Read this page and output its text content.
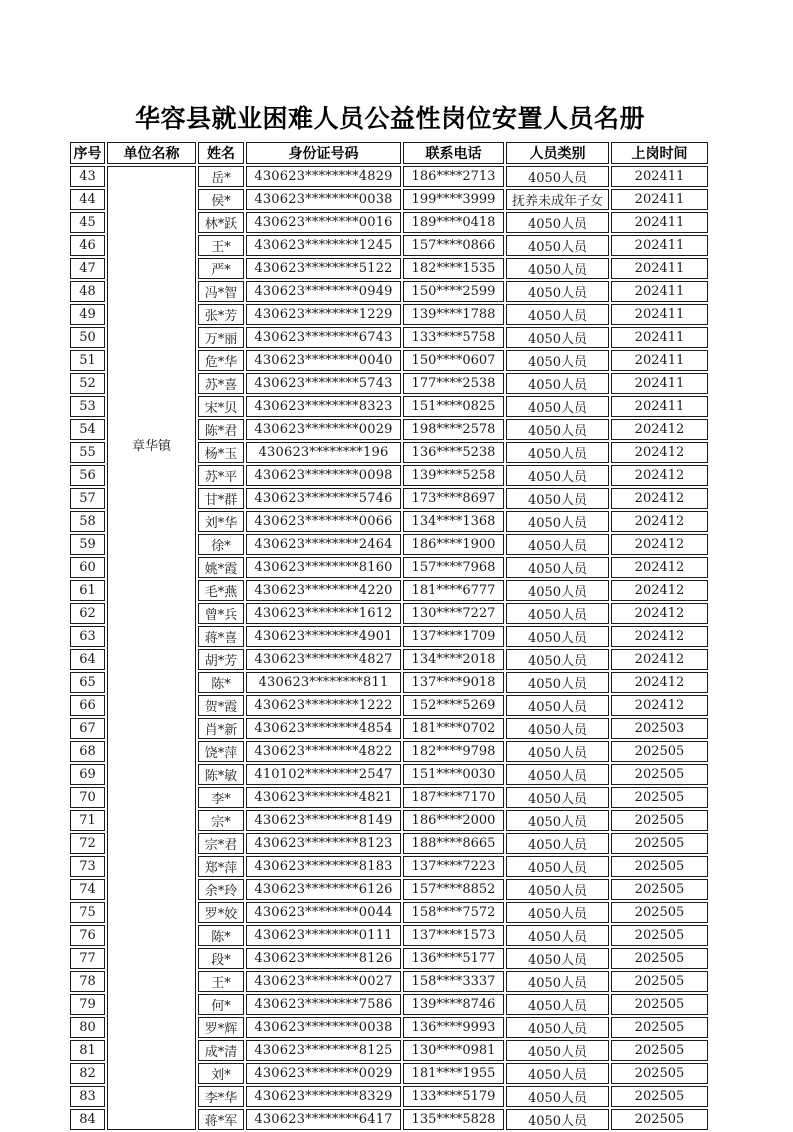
华容县就业困难人员公益性岗位安置人员名册
序号	单位名称	姓名	身份证号码	联系电话	人员类别	上岗时间
43	章华镇	岳*	430623********4829	186****2713	4050人员	202411
44		侯*	430623********0038	199****3999	抚养未成年子女	202411
45		林*跃	430623********0016	189****0418	4050人员	202411
46		王*	430623********1245	157****0866	4050人员	202411
47		严*	430623********5122	182****1535	4050人员	202411
48		冯*智	430623********0949	150****2599	4050人员	202411
49		张*芳	430623********1229	139****1788	4050人员	202411
50		万*丽	430623********6743	133****5758	4050人员	202411
51		危*华	430623********0040	150****0607	4050人员	202411
52		苏*喜	430623********5743	177****2538	4050人员	202411
53		宋*贝	430623********8323	151****0825	4050人员	202411
54		陈*君	430623********0029	198****2578	4050人员	202412
55		杨*玉	430623********196	136****5238	4050人员	202412
56		苏*平	430623********0098	139****5258	4050人员	202412
57		甘*群	430623********5746	173****8697	4050人员	202412
58		刘*华	430623********0066	134****1368	4050人员	202412
59		徐*	430623********2464	186****1900	4050人员	202412
60		姚*霞	430623********8160	157****7968	4050人员	202412
61		毛*燕	430623********4220	181****6777	4050人员	202412
62		曾*兵	430623********1612	130****7227	4050人员	202412
63		蒋*喜	430623********4901	137****1709	4050人员	202412
64		胡*芳	430623********4827	134****2018	4050人员	202412
65		陈*	430623********811	137****9018	4050人员	202412
66		贺*霞	430623********1222	152****5269	4050人员	202412
67		肖*新	430623********4854	181****0702	4050人员	202503
68		饶*萍	430623********4822	182****9798	4050人员	202505
69		陈*敏	410102********2547	151****0030	4050人员	202505
70		李*	430623********4821	187****7170	4050人员	202505
71		宗*	430623********8149	186****2000	4050人员	202505
72		宗*君	430623********8123	188****8665	4050人员	202505
73		郑*萍	430623********8183	137****7223	4050人员	202505
74		余*玲	430623********6126	157****8852	4050人员	202505
75		罗*姣	430623********0044	158****7572	4050人员	202505
76		陈*	430623********0111	137****1573	4050人员	202505
77		段*	430623********8126	136****5177	4050人员	202505
78		王*	430623********0027	158****3337	4050人员	202505
79		何*	430623********7586	139****8746	4050人员	202505
80		罗*辉	430623********0038	136****9993	4050人员	202505
81		成*清	430623********8125	130****0981	4050人员	202505
82		刘*	430623********0029	181****1955	4050人员	202505
83		李*华	430623********8329	133****5179	4050人员	202505
84		蒋*军	430623********6417	135****5828	4050人员	202505
